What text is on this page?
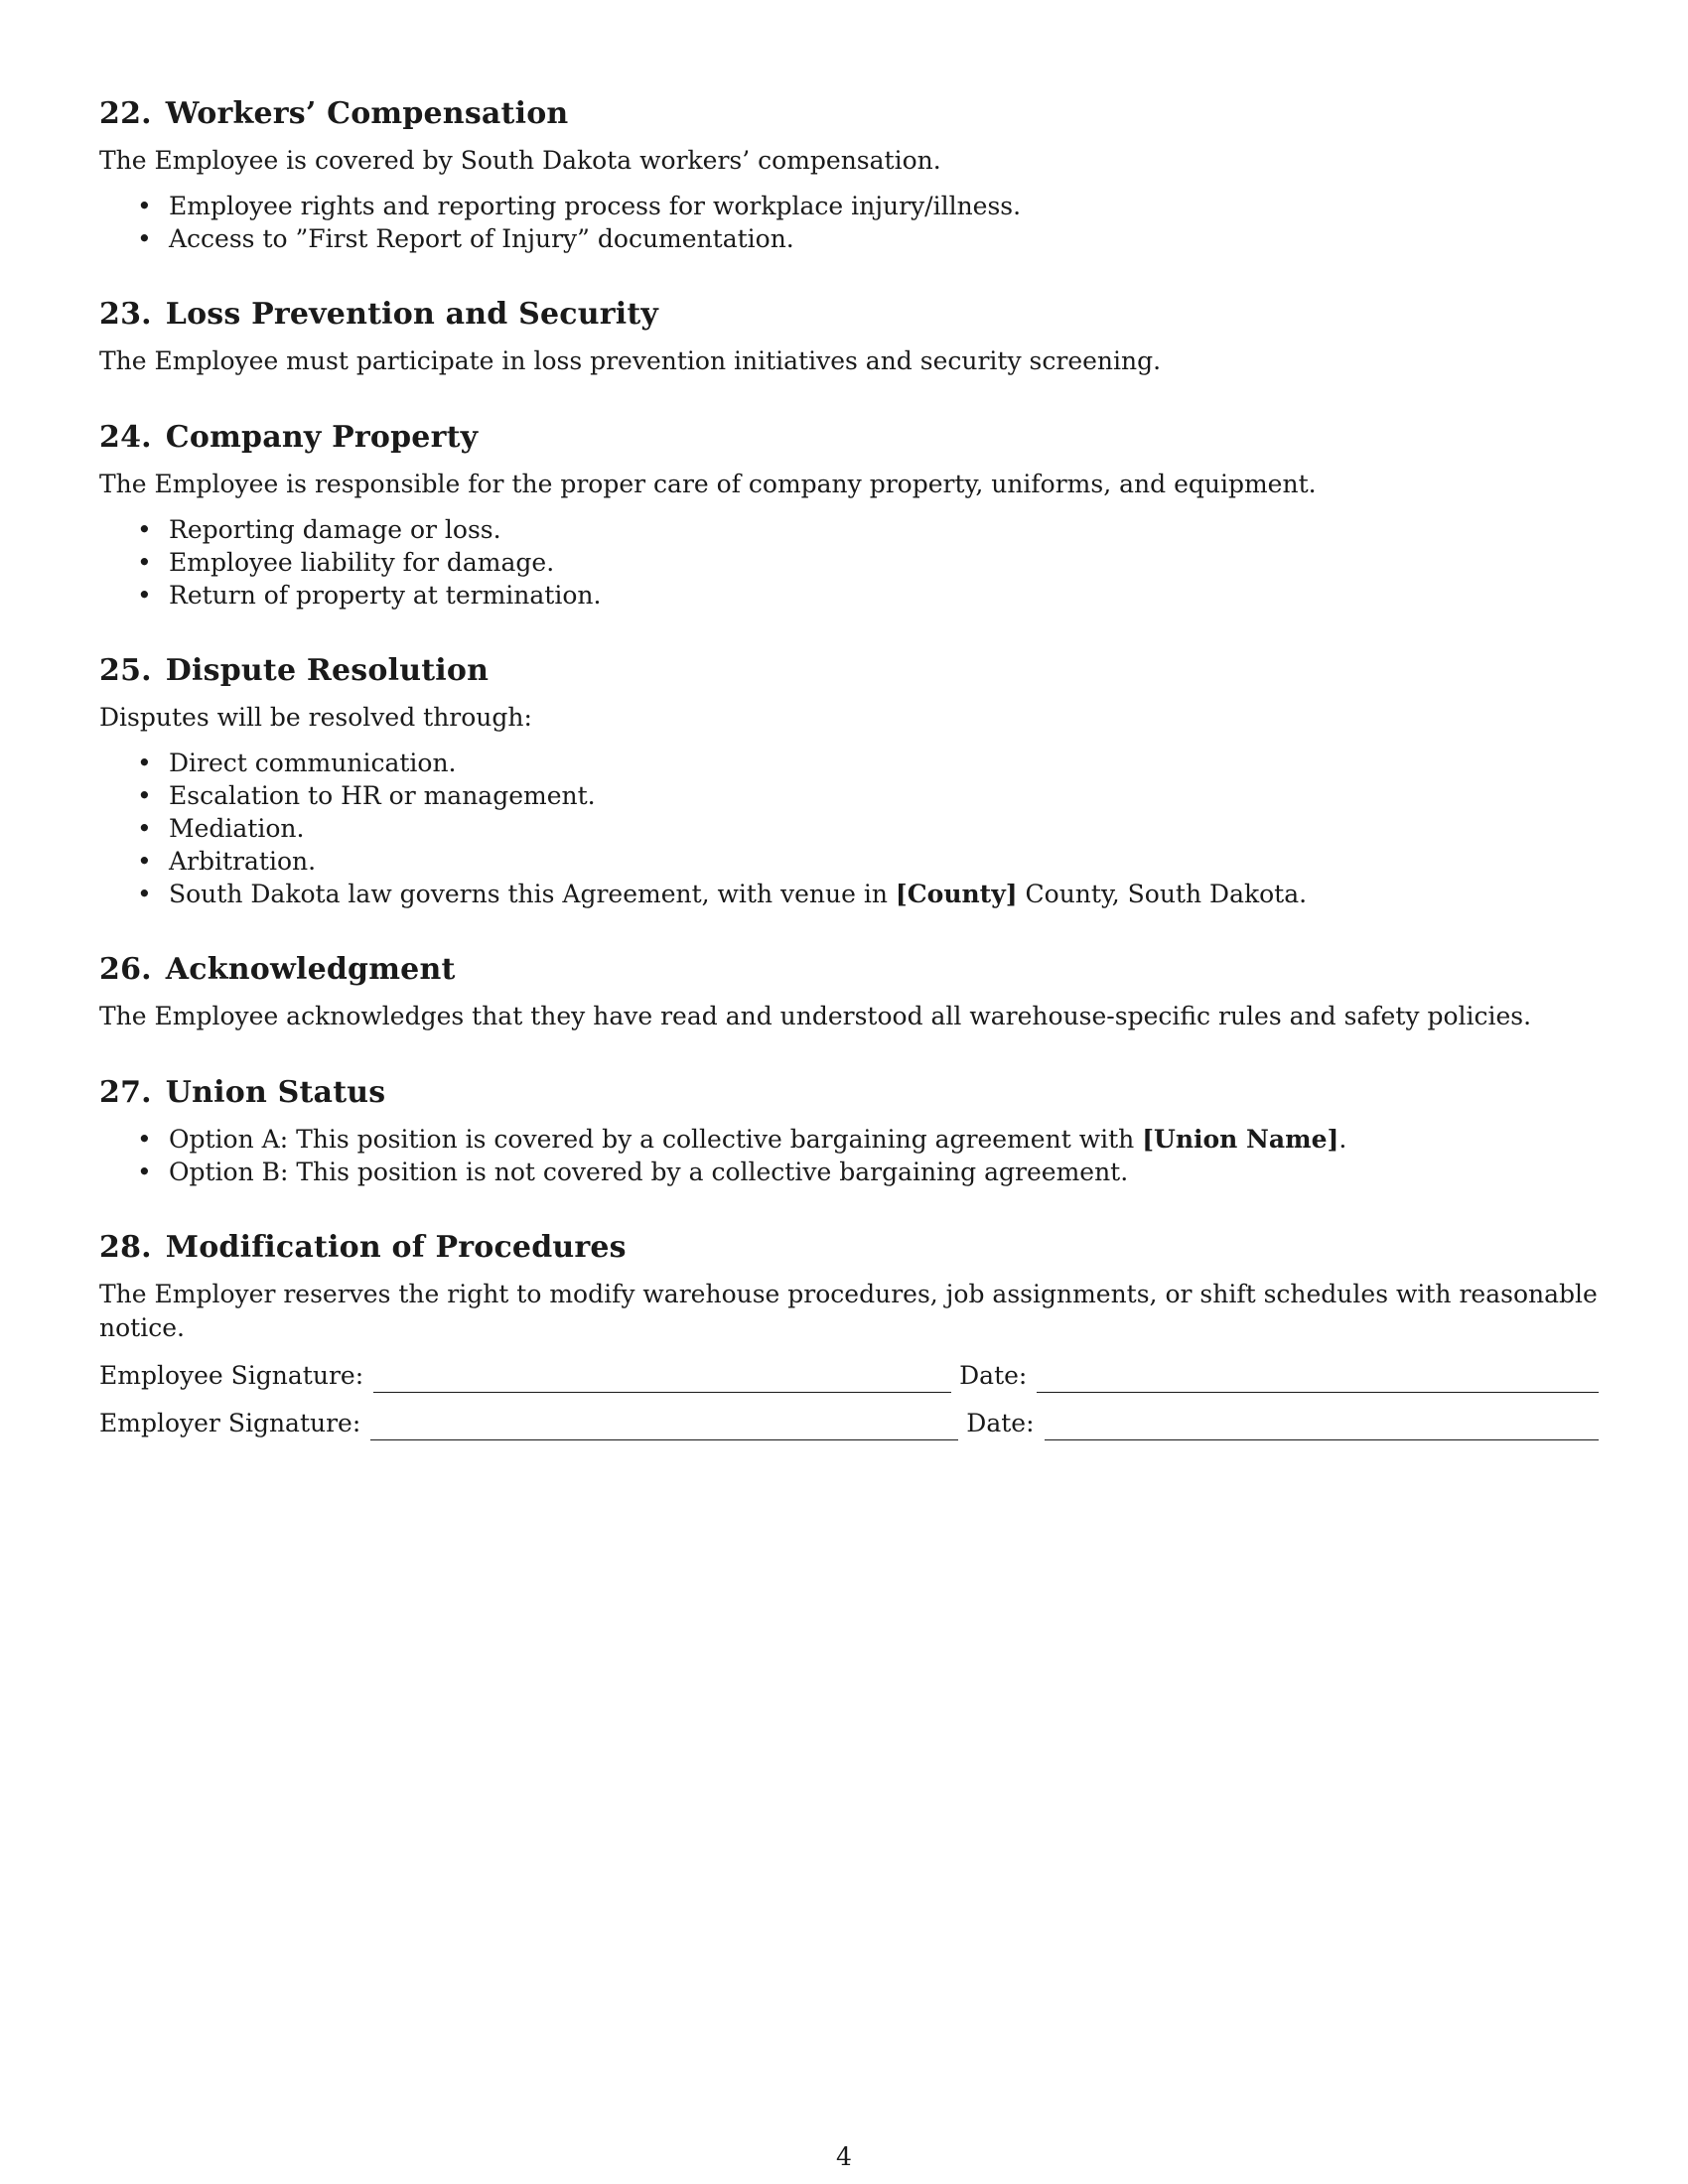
22. Workers’ Compensation

The Employee is covered by South Dakota workers’ compensation.

• Employee rights and reporting process for workplace injury/illness.
• Access to ”First Report of Injury” documentation.
23. Loss Prevention and Security

The Employee must participate in loss prevention initiatives and security screening.

24. Company Property

The Employee is responsible for the proper care of company property, uniforms, and equipment.

• Reporting damage or loss.
• Employee liability for damage.
• Return of property at termination.
25. Dispute Resolution

Disputes will be resolved through:

• Direct communication.
• Escalation to HR or management.
• Mediation.
• Arbitration.
• South Dakota law governs this Agreement, with venue in [County] County, South Dakota.
26. Acknowledgment

The Employee acknowledges that they have read and understood all warehouse-specific rules and safety policies.

27. Union Status
• Option A: This position is covered by a collective bargaining agreement with [Union Name].
• Option B: This position is not covered by a collective bargaining agreement.
28. Modification of Procedures

The Employer reserves the right to modify warehouse procedures, job assignments, or shift schedules with reasonable notice.

Employee Signature:	Date:
Employer Signature:	Date:
4
